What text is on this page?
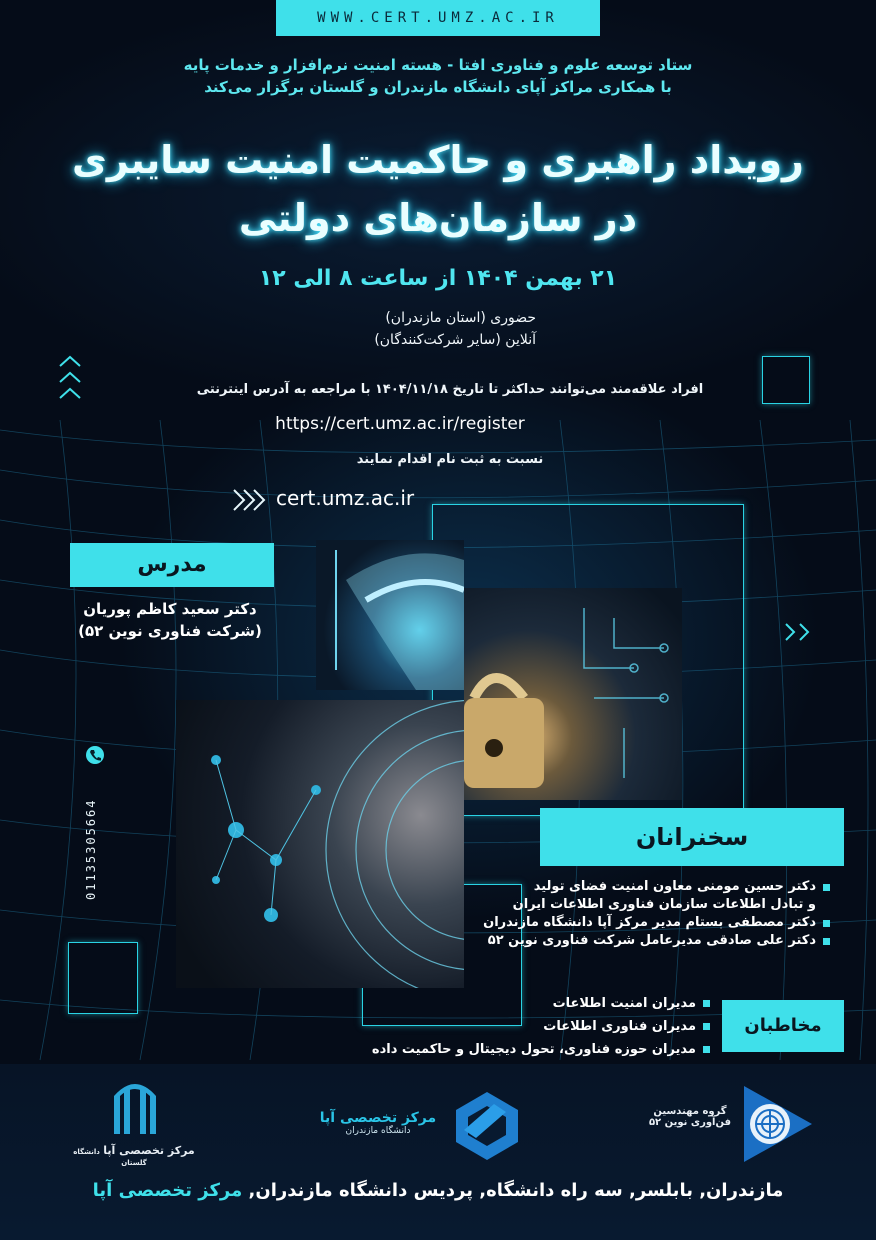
WWW.CERT.UMZ.AC.IR
ستاد توسعه علوم و فناوری افتا - هسته امنیت نرم‌افزار و خدمات پایه
با همکاری مراکز آپای دانشگاه مازندران و گلستان برگزار می‌کند
رویداد راهبری و حاکمیت امنیت سایبری
در سازمان‌های دولتی
۲۱ بهمن ۱۴۰۴ از ساعت ۸ الی ۱۲
حضوری (استان مازندران)
آنلاین (سایر شرکت‌کنندگان)
افراد علاقه‌مند می‌توانند حداکثر تا تاریخ ۱۴۰۴/۱۱/۱۸ با مراجعه به آدرس اینترنتی
https://cert.umz.ac.ir/register
نسبت به ثبت نام اقدام نمایند
cert.umz.ac.ir
مدرس
دکتر سعید کاظم پوریان
(شرکت فناوری نوین ۵۲)
01135305664	سخنرانان
دکتر حسین مومنی معاون امنیت فضای تولید
و تبادل اطلاعات سازمان فناوری اطلاعات ایران
دکتر مصطفی بستام مدیر مرکز آپا دانشگاه مازندران
دکتر علی صادقی مدیرعامل شرکت فناوری نوین ۵۲
مخاطبان
مدیران امنیت اطلاعات
مدیران فناوری اطلاعات
مدیران حوزه فناوری، تحول دیجیتال و حاکمیت داده
مرکز تخصصی آپا دانشگاه گلستان
مرکز تخصصی آپا
دانشگاه مازندران
گروه مهندسین
فن‌آوری نوین ۵۲
مازندران, بابلسر, سه راه دانشگاه, پردیس دانشگاه مازندران, مرکز تخصصی آپا
